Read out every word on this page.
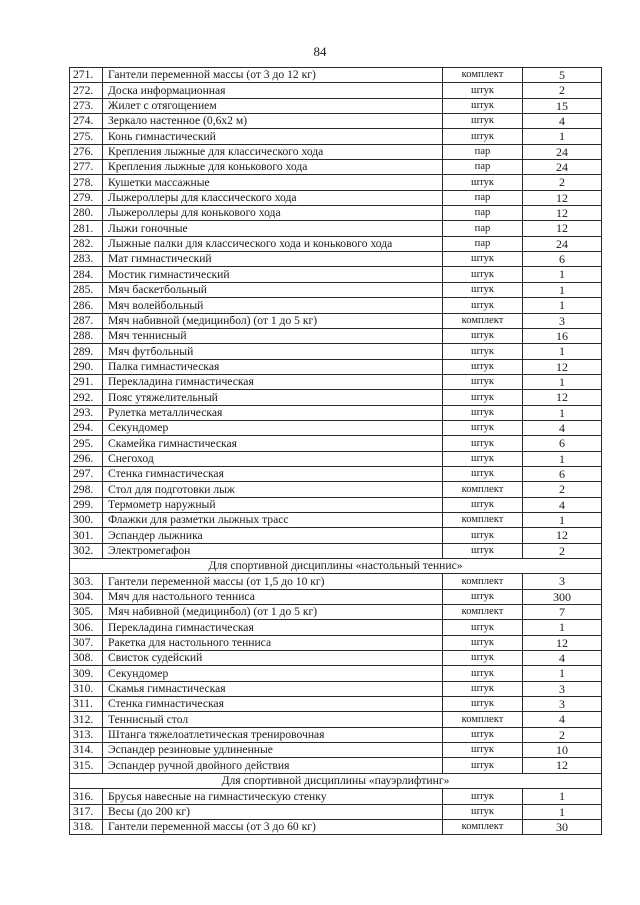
84
271.	Гантели переменной массы (от 3 до 12 кг)	комплект	5
272.	Доска информационная	штук	2
273.	Жилет с отягощением	штук	15
274.	Зеркало настенное (0,6х2 м)	штук	4
275.	Конь гимнастический	штук	1
276.	Крепления лыжные для классического хода	пар	24
277.	Крепления лыжные для конькового хода	пар	24
278.	Кушетки массажные	штук	2
279.	Лыжероллеры для классического хода	пар	12
280.	Лыжероллеры для конькового хода	пар	12
281.	Лыжи гоночные	пар	12
282.	Лыжные палки для классического хода и конькового хода	пар	24
283.	Мат гимнастический	штук	6
284.	Мостик гимнастический	штук	1
285.	Мяч баскетбольный	штук	1
286.	Мяч волейбольный	штук	1
287.	Мяч набивной (медицинбол) (от 1 до 5 кг)	комплект	3
288.	Мяч теннисный	штук	16
289.	Мяч футбольный	штук	1
290.	Палка гимнастическая	штук	12
291.	Перекладина гимнастическая	штук	1
292.	Пояс утяжелительный	штук	12
293.	Рулетка металлическая	штук	1
294.	Секундомер	штук	4
295.	Скамейка гимнастическая	штук	6
296.	Снегоход	штук	1
297.	Стенка гимнастическая	штук	6
298.	Стол для подготовки лыж	комплект	2
299.	Термометр наружный	штук	4
300.	Флажки для разметки лыжных трасс	комплект	1
301.	Эспандер лыжника	штук	12
302.	Электромегафон	штук	2
Для спортивной дисциплины «настольный теннис»			
303.	Гантели переменной массы (от 1,5 до 10 кг)	комплект	3
304.	Мяч для настольного тенниса	штук	300
305.	Мяч набивной (медицинбол) (от 1 до 5 кг)	комплект	7
306.	Перекладина гимнастическая	штук	1
307.	Ракетка для настольного тенниса	штук	12
308.	Свисток судейский	штук	4
309.	Секундомер	штук	1
310.	Скамья гимнастическая	штук	3
311.	Стенка гимнастическая	штук	3
312.	Теннисный стол	комплект	4
313.	Штанга тяжелоатлетическая тренировочная	штук	2
314.	Эспандер резиновые удлиненные	штук	10
315.	Эспандер ручной двойного действия	штук	12
Для спортивной дисциплины «пауэрлифтинг»			
316.	Брусья навесные на гимнастическую стенку	штук	1
317.	Весы (до 200 кг)	штук	1
318.	Гантели переменной массы (от 3 до 60 кг)	комплект	30
